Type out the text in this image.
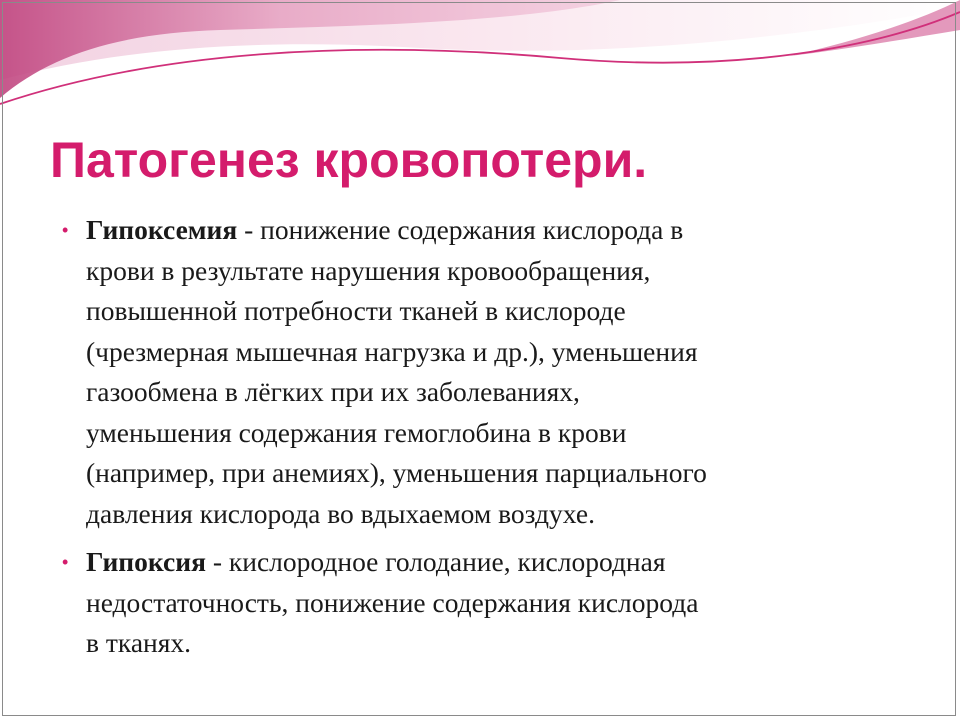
Патогенез кровопотери.
• Гипоксемия - понижение содержания кислорода в
крови в результате нарушения кровообращения,
повышенной потребности тканей в кислороде
(чрезмерная мышечная нагрузка и др.), уменьшения
газообмена в лёгких при их заболеваниях,
уменьшения содержания гемоглобина в крови
(например, при анемиях), уменьшения парциального
давления кислорода во вдыхаемом воздухе.
• Гипоксия - кислородное голодание, кислородная
недостаточность, понижение содержания кислорода
в тканях.
